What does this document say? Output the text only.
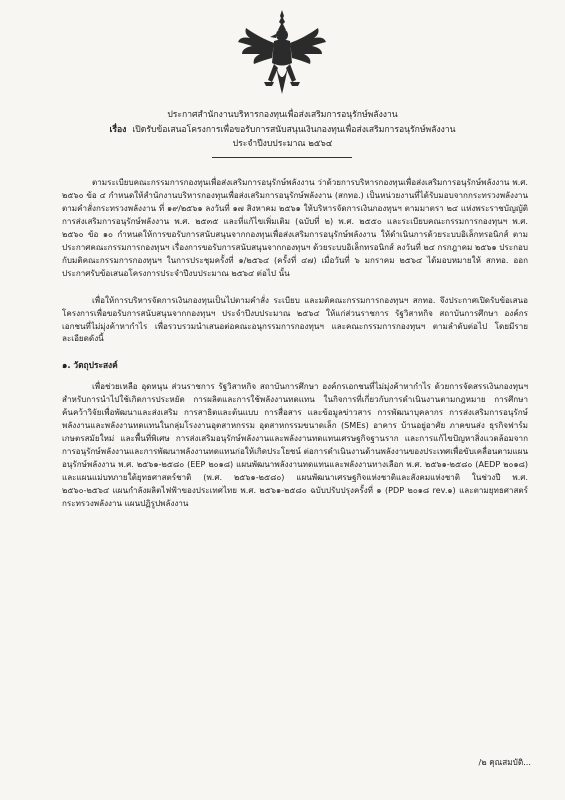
ประกาศสำนักงานบริหารกองทุนเพื่อส่งเสริมการอนุรักษ์พลังงาน
เรื่อง เปิดรับข้อเสนอโครงการเพื่อขอรับการสนับสนุนเงินกองทุนเพื่อส่งเสริมการอนุรักษ์พลังงาน
ประจำปีงบประมาณ ๒๕๖๔

ตามระเบียบคณะกรรมการกองทุนเพื่อส่งเสริมการอนุรักษ์พลังงาน ว่าด้วยการบริหารกองทุนเพื่อส่งเสริมการอนุรักษ์พลังงาน พ.ศ. ๒๕๖๐ ข้อ ๔ กำหนดให้สำนักงานบริหารกองทุนเพื่อส่งเสริมการอนุรักษ์พลังงาน (สกทอ.) เป็นหน่วยงานที่ได้รับมอบจากกระทรวงพลังงาน ตามคำสั่งกระทรวงพลังงาน ที่ ๑๙/๒๕๖๑ ลงวันที่ ๑๗ สิงหาคม ๒๕๖๑ ให้บริหารจัดการเงินกองทุนฯ ตามมาตรา ๒๔ แห่งพระราชบัญญัติการส่งเสริมการอนุรักษ์พลังงาน พ.ศ. ๒๕๓๕ และที่แก้ไขเพิ่มเติม (ฉบับที่ ๒) พ.ศ. ๒๕๕๐ และระเบียบคณะกรรมการกองทุนฯ พ.ศ. ๒๕๖๐ ข้อ ๑๐ กำหนดให้การขอรับการสนับสนุนจากกองทุนเพื่อส่งเสริมการอนุรักษ์พลังงาน ให้ดำเนินการด้วยระบบอิเล็กทรอนิกส์ ตามประกาศคณะกรรมการกองทุนฯ เรื่องการขอรับการสนับสนุนจากกองทุนฯ ด้วยระบบอิเล็กทรอนิกส์ ลงวันที่ ๒๔ กรกฎาคม ๒๕๖๑ ประกอบกับมติคณะกรรมการกองทุนฯ ในการประชุมครั้งที่ ๑/๒๕๖๔ (ครั้งที่ ๔๗) เมื่อวันที่ ๖ มกราคม ๒๕๖๔ ได้มอบหมายให้ สกทอ. ออกประกาศรับข้อเสนอโครงการประจำปีงบประมาณ ๒๕๖๔ ต่อไป นั้น

เพื่อให้การบริหารจัดการเงินกองทุนเป็นไปตามคำสั่ง ระเบียบ และมติคณะกรรมการกองทุนฯ สกทอ. จึงประกาศเปิดรับข้อเสนอโครงการเพื่อขอรับการสนับสนุนจากกองทุนฯ ประจำปีงบประมาณ ๒๕๖๔ ให้แก่ส่วนราชการ รัฐวิสาหกิจ สถาบันการศึกษา องค์กรเอกชนที่ไม่มุ่งค้าหากำไร เพื่อรวบรวมนำเสนอต่อคณะอนุกรรมการกองทุนฯ และคณะกรรมการกองทุนฯ ตามลำดับต่อไป โดยมีรายละเอียดดังนี้

๑. วัตถุประสงค์

เพื่อช่วยเหลือ อุดหนุน ส่วนราชการ รัฐวิสาหกิจ สถาบันการศึกษา องค์กรเอกชนที่ไม่มุ่งค้าหากำไร ด้วยการจัดสรรเงินกองทุนฯ สำหรับการนำไปใช้เกิดการประหยัด การผลิตและการใช้พลังงานทดแทน ในกิจการที่เกี่ยวกับการดำเนินงานตามกฎหมาย การศึกษาค้นคว้าวิจัยเพื่อพัฒนาและส่งเสริม การสาธิตและต้นแบบ การสื่อสาร และข้อมูลข่าวสาร การพัฒนาบุคลากร การส่งเสริมการอนุรักษ์พลังงานและพลังงานทดแทนในกลุ่มโรงงานอุตสาหกรรม อุตสาหกรรมขนาดเล็ก (SMEs) อาคาร บ้านอยู่อาศัย ภาคขนส่ง ธุรกิจฟาร์มเกษตรสมัยใหม่ และพื้นที่พิเศษ การส่งเสริมอนุรักษ์พลังงานและพลังงานทดแทนเศรษฐกิจฐานราก และการแก้ไขปัญหาสิ่งแวดล้อมจากการอนุรักษ์พลังงานและการพัฒนาพลังงานทดแทนก่อให้เกิดประโยชน์ ต่อการดำเนินงานด้านพลังงานของประเทศเพื่อขับเคลื่อนตามแผนอนุรักษ์พลังงาน พ.ศ. ๒๕๖๑-๒๕๘๐ (EEP ๒๐๑๘) แผนพัฒนาพลังงานทดแทนและพลังงานทางเลือก พ.ศ. ๒๕๖๑-๒๕๘๐ (AEDP ๒๐๑๘) และแผนแม่บทภายใต้ยุทธศาสตร์ชาติ (พ.ศ. ๒๕๖๑-๒๕๘๐) แผนพัฒนาเศรษฐกิจแห่งชาติและสังคมแห่งชาติ ในช่วงปี พ.ศ. ๒๕๖๐-๒๕๖๔ แผนกำลังผลิตไฟฟ้าของประเทศไทย พ.ศ. ๒๕๖๑-๒๕๘๐ ฉบับปรับปรุงครั้งที่ ๑ (PDP ๒๐๑๘ rev.๑) และตามยุทธศาสตร์กระทรวงพลังงาน แผนปฏิรูปพลังงาน

/๒ คุณสมบัติ...
